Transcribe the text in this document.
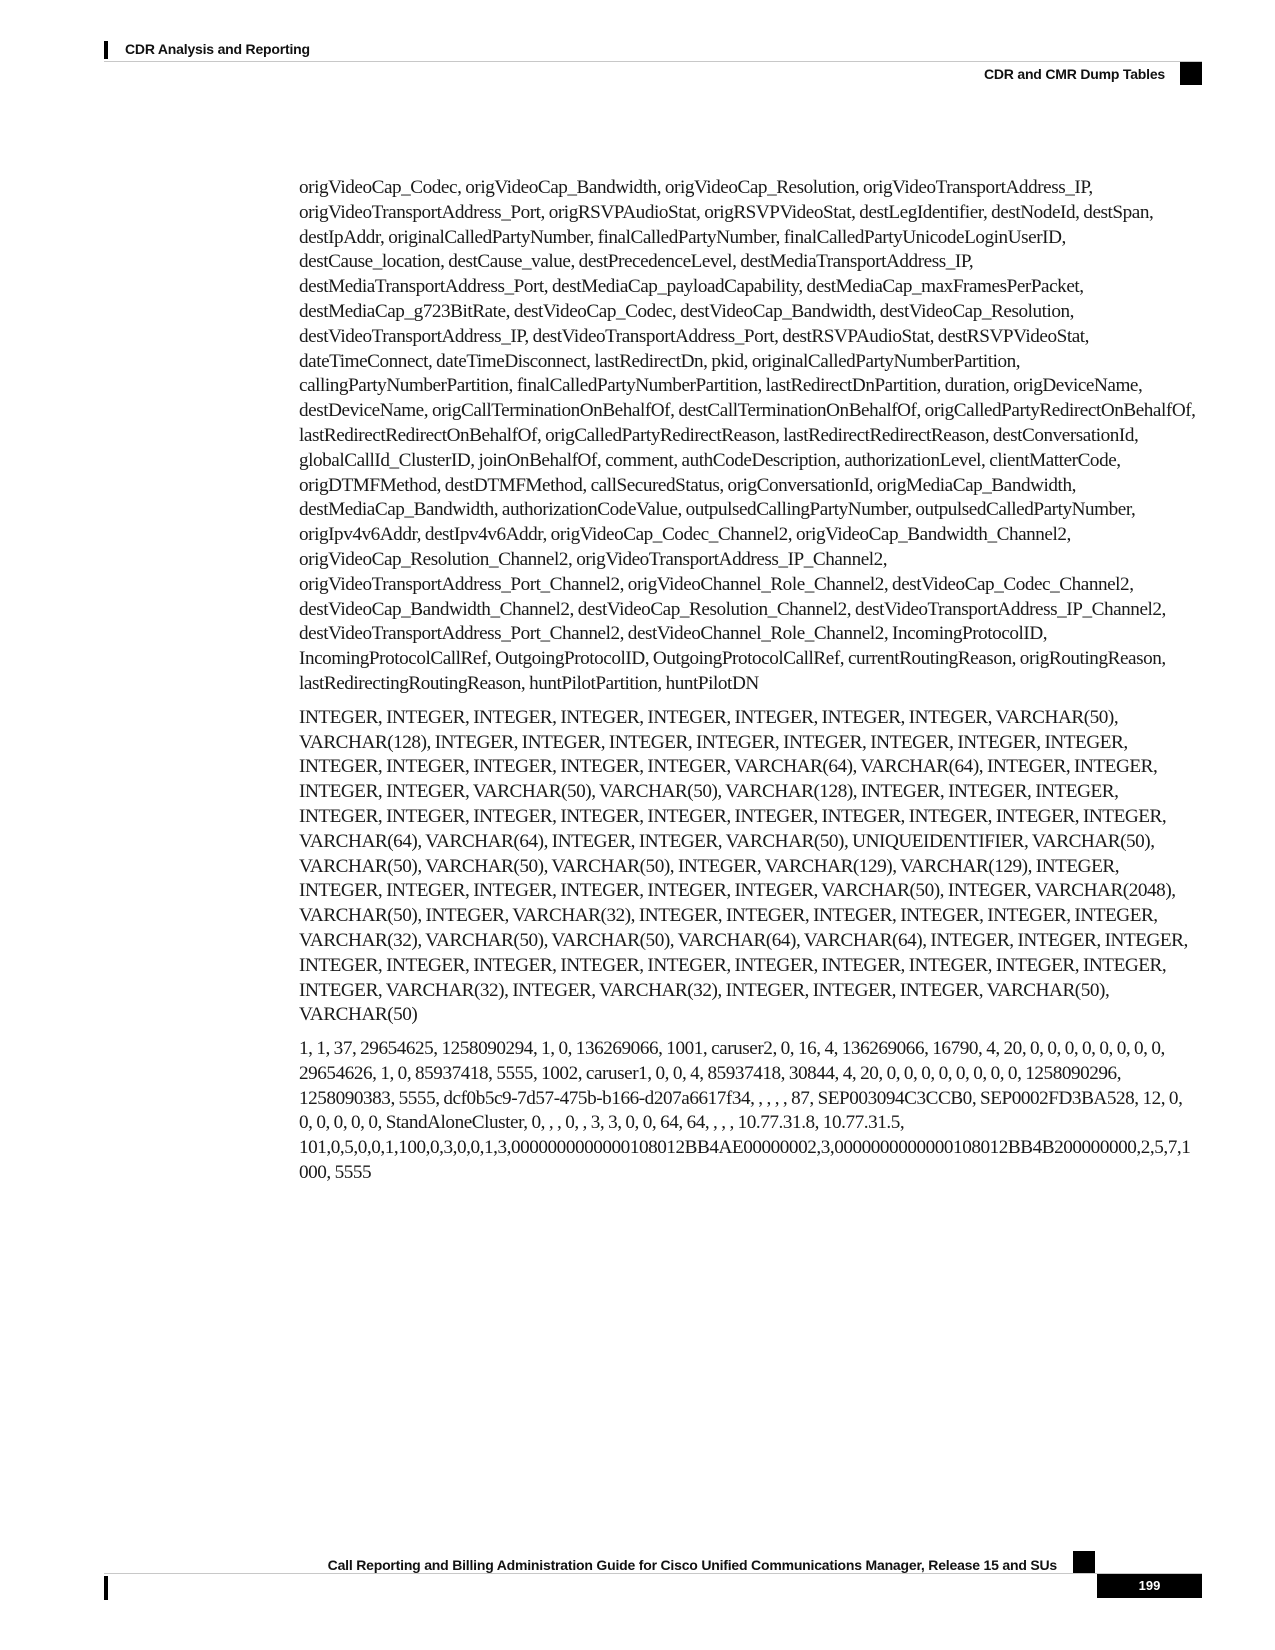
CDR Analysis and Reporting
CDR and CMR Dump Tables

origVideoCap_Codec, origVideoCap_Bandwidth, origVideoCap_Resolution, origVideoTransportAddress_IP, origVideoTransportAddress_Port, origRSVPAudioStat, origRSVPVideoStat, destLegIdentifier, destNodeId, destSpan, destIpAddr, originalCalledPartyNumber, finalCalledPartyNumber, finalCalledPartyUnicodeLoginUserID, destCause_location, destCause_value, destPrecedenceLevel, destMediaTransportAddress_IP, destMediaTransportAddress_Port, destMediaCap_payloadCapability, destMediaCap_maxFramesPerPacket, destMediaCap_g723BitRate, destVideoCap_Codec, destVideoCap_Bandwidth, destVideoCap_Resolution, destVideoTransportAddress_IP, destVideoTransportAddress_Port, destRSVPAudioStat, destRSVPVideoStat, dateTimeConnect, dateTimeDisconnect, lastRedirectDn, pkid, originalCalledPartyNumberPartition, callingPartyNumberPartition, finalCalledPartyNumberPartition, lastRedirectDnPartition, duration, origDeviceName, destDeviceName, origCallTerminationOnBehalfOf, destCallTerminationOnBehalfOf, origCalledPartyRedirectOnBehalfOf, lastRedirectRedirectOnBehalfOf, origCalledPartyRedirectReason, lastRedirectRedirectReason, destConversationId, globalCallId_ClusterID, joinOnBehalfOf, comment, authCodeDescription, authorizationLevel, clientMatterCode, origDTMFMethod, destDTMFMethod, callSecuredStatus, origConversationId, origMediaCap_Bandwidth, destMediaCap_Bandwidth, authorizationCodeValue, outpulsedCallingPartyNumber, outpulsedCalledPartyNumber, origIpv4v6Addr, destIpv4v6Addr, origVideoCap_Codec_Channel2, origVideoCap_Bandwidth_Channel2, origVideoCap_Resolution_Channel2, origVideoTransportAddress_IP_Channel2, origVideoTransportAddress_Port_Channel2, origVideoChannel_Role_Channel2, destVideoCap_Codec_Channel2, destVideoCap_Bandwidth_Channel2, destVideoCap_Resolution_Channel2, destVideoTransportAddress_IP_Channel2, destVideoTransportAddress_Port_Channel2, destVideoChannel_Role_Channel2, IncomingProtocolID, IncomingProtocolCallRef, OutgoingProtocolID, OutgoingProtocolCallRef, currentRoutingReason, origRoutingReason, lastRedirectingRoutingReason, huntPilotPartition, huntPilotDN

INTEGER, INTEGER, INTEGER, INTEGER, INTEGER, INTEGER, INTEGER, INTEGER, VARCHAR(50), VARCHAR(128), INTEGER, INTEGER, INTEGER, INTEGER, INTEGER, INTEGER, INTEGER, INTEGER, INTEGER, INTEGER, INTEGER, INTEGER, INTEGER, VARCHAR(64), VARCHAR(64), INTEGER, INTEGER, INTEGER, INTEGER, VARCHAR(50), VARCHAR(50), VARCHAR(128), INTEGER, INTEGER, INTEGER, INTEGER, INTEGER, INTEGER, INTEGER, INTEGER, INTEGER, INTEGER, INTEGER, INTEGER, INTEGER, VARCHAR(64), VARCHAR(64), INTEGER, INTEGER, VARCHAR(50), UNIQUEIDENTIFIER, VARCHAR(50), VARCHAR(50), VARCHAR(50), VARCHAR(50), INTEGER, VARCHAR(129), VARCHAR(129), INTEGER, INTEGER, INTEGER, INTEGER, INTEGER, INTEGER, INTEGER, VARCHAR(50), INTEGER, VARCHAR(2048), VARCHAR(50), INTEGER, VARCHAR(32), INTEGER, INTEGER, INTEGER, INTEGER, INTEGER, INTEGER, VARCHAR(32), VARCHAR(50), VARCHAR(50), VARCHAR(64), VARCHAR(64), INTEGER, INTEGER, INTEGER, INTEGER, INTEGER, INTEGER, INTEGER, INTEGER, INTEGER, INTEGER, INTEGER, INTEGER, INTEGER, INTEGER, VARCHAR(32), INTEGER, VARCHAR(32), INTEGER, INTEGER, INTEGER, VARCHAR(50), VARCHAR(50)

1, 1, 37, 29654625, 1258090294, 1, 0, 136269066, 1001, caruser2, 0, 16, 4, 136269066, 16790, 4, 20, 0, 0, 0, 0, 0, 0, 0, 0, 29654626, 1, 0, 85937418, 5555, 1002, caruser1, 0, 0, 4, 85937418, 30844, 4, 20, 0, 0, 0, 0, 0, 0, 0, 0, 1258090296, 1258090383, 5555, dcf0b5c9-7d57-475b-b166-d207a6617f34, , , , , 87, SEP003094C3CCB0, SEP0002FD3BA528, 12, 0, 0, 0, 0, 0, 0, StandAloneCluster, 0, , , 0, , 3, 3, 0, 0, 64, 64, , , , 10.77.31.8, 10.77.31.5, 101,0,5,0,0,1,100,0,3,0,0,1,3,0000000000000108012BB4AE00000002,3,0000000000000108012BB4B200000000,2,5,7,1000, 5555

Call Reporting and Billing Administration Guide for Cisco Unified Communications Manager, Release 15 and SUs
199
